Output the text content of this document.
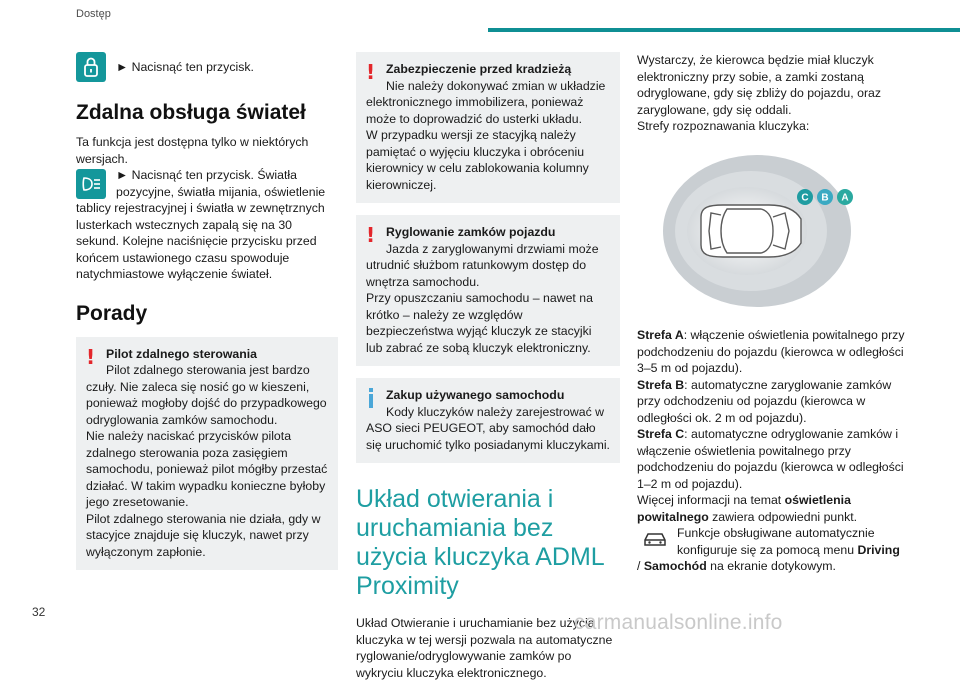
Dostęp
► Nacisnąć ten przycisk.
Zdalna obsługa świateł

Ta funkcja jest dostępna tylko w niektórych wersjach.

► Nacisnąć ten przycisk. Światła pozycyjne, światła mijania, oświetlenie tablicy rejestracyjnej i światła w zewnętrznych lusterkach wstecznych zapalą się na 30 sekund. Kolejne naciśnięcie przycisku przed końcem ustawionego czasu spowoduje natychmiastowe wyłączenie świateł.
Porady
! Pilot zdalnego sterowania
Pilot zdalnego sterowania jest bardzo

czuły. Nie zaleca się nosić go w kieszeni, ponieważ mogłoby dojść do przypadkowego odryglowania zamków samochodu.

Nie należy naciskać przycisków pilota zdalnego sterowania poza zasięgiem samochodu, ponieważ pilot mógłby przestać działać. W takim wypadku konieczne byłoby jego zresetowanie.

Pilot zdalnego sterowania nie działa, gdy w stacyjce znajduje się kluczyk, nawet przy wyłączonym zapłonie.

! Zabezpieczenie przed kradzieżą
Nie należy dokonywać zmian w układzie

elektronicznego immobilizera, ponieważ może to doprowadzić do usterki układu.

W przypadku wersji ze stacyjką należy pamiętać o wyjęciu kluczyka i obróceniu kierownicy w celu zablokowania kolumny kierowniczej.

! Ryglowanie zamków pojazdu
Jazda z zaryglowanymi drzwiami może

utrudnić służbom ratunkowym dostęp do wnętrza samochodu.

Przy opuszczaniu samochodu – nawet na krótko – należy ze względów bezpieczeństwa wyjąć kluczyk ze stacyjki lub zabrać ze sobą kluczyk elektroniczny.

Zakup używanego samochodu
Kody kluczyków należy zarejestrować w

ASO sieci PEUGEOT, aby samochód dało się uruchomić tylko posiadanymi kluczykami.

Układ otwierania i uruchamiania bez użycia kluczyka ADML Proximity

Układ Otwieranie i uruchamianie bez użycia kluczyka w tej wersji pozwala na automatyczne ryglowanie/odryglowywanie zamków po wykryciu kluczyka elektronicznego.

Wystarczy, że kierowca będzie miał kluczyk elektroniczny przy sobie, a zamki zostaną odryglowane, gdy się zbliży do pojazdu, oraz zaryglowane, gdy się oddali.

Strefy rozpoznawania kluczyka:

C B A

Strefa A: włączenie oświetlenia powitalnego przy podchodzeniu do pojazdu (kierowca w odległości 3–5 m od pojazdu).

Strefa B: automatyczne zaryglowanie zamków przy odchodzeniu od pojazdu (kierowca w odległości ok. 2 m od pojazdu).

Strefa C: automatyczne odryglowanie zamków i włączenie oświetlenia powitalnego przy podchodzeniu do pojazdu (kierowca w odległości 1–2 m od pojazdu).

Więcej informacji na temat oświetlenia powitalnego zawiera odpowiedni punkt.

Funkcje obsługiwane automatycznie konfiguruje się za pomocą menu Driving / Samochód na ekranie dotykowym.
32	carmanualsonline.info
